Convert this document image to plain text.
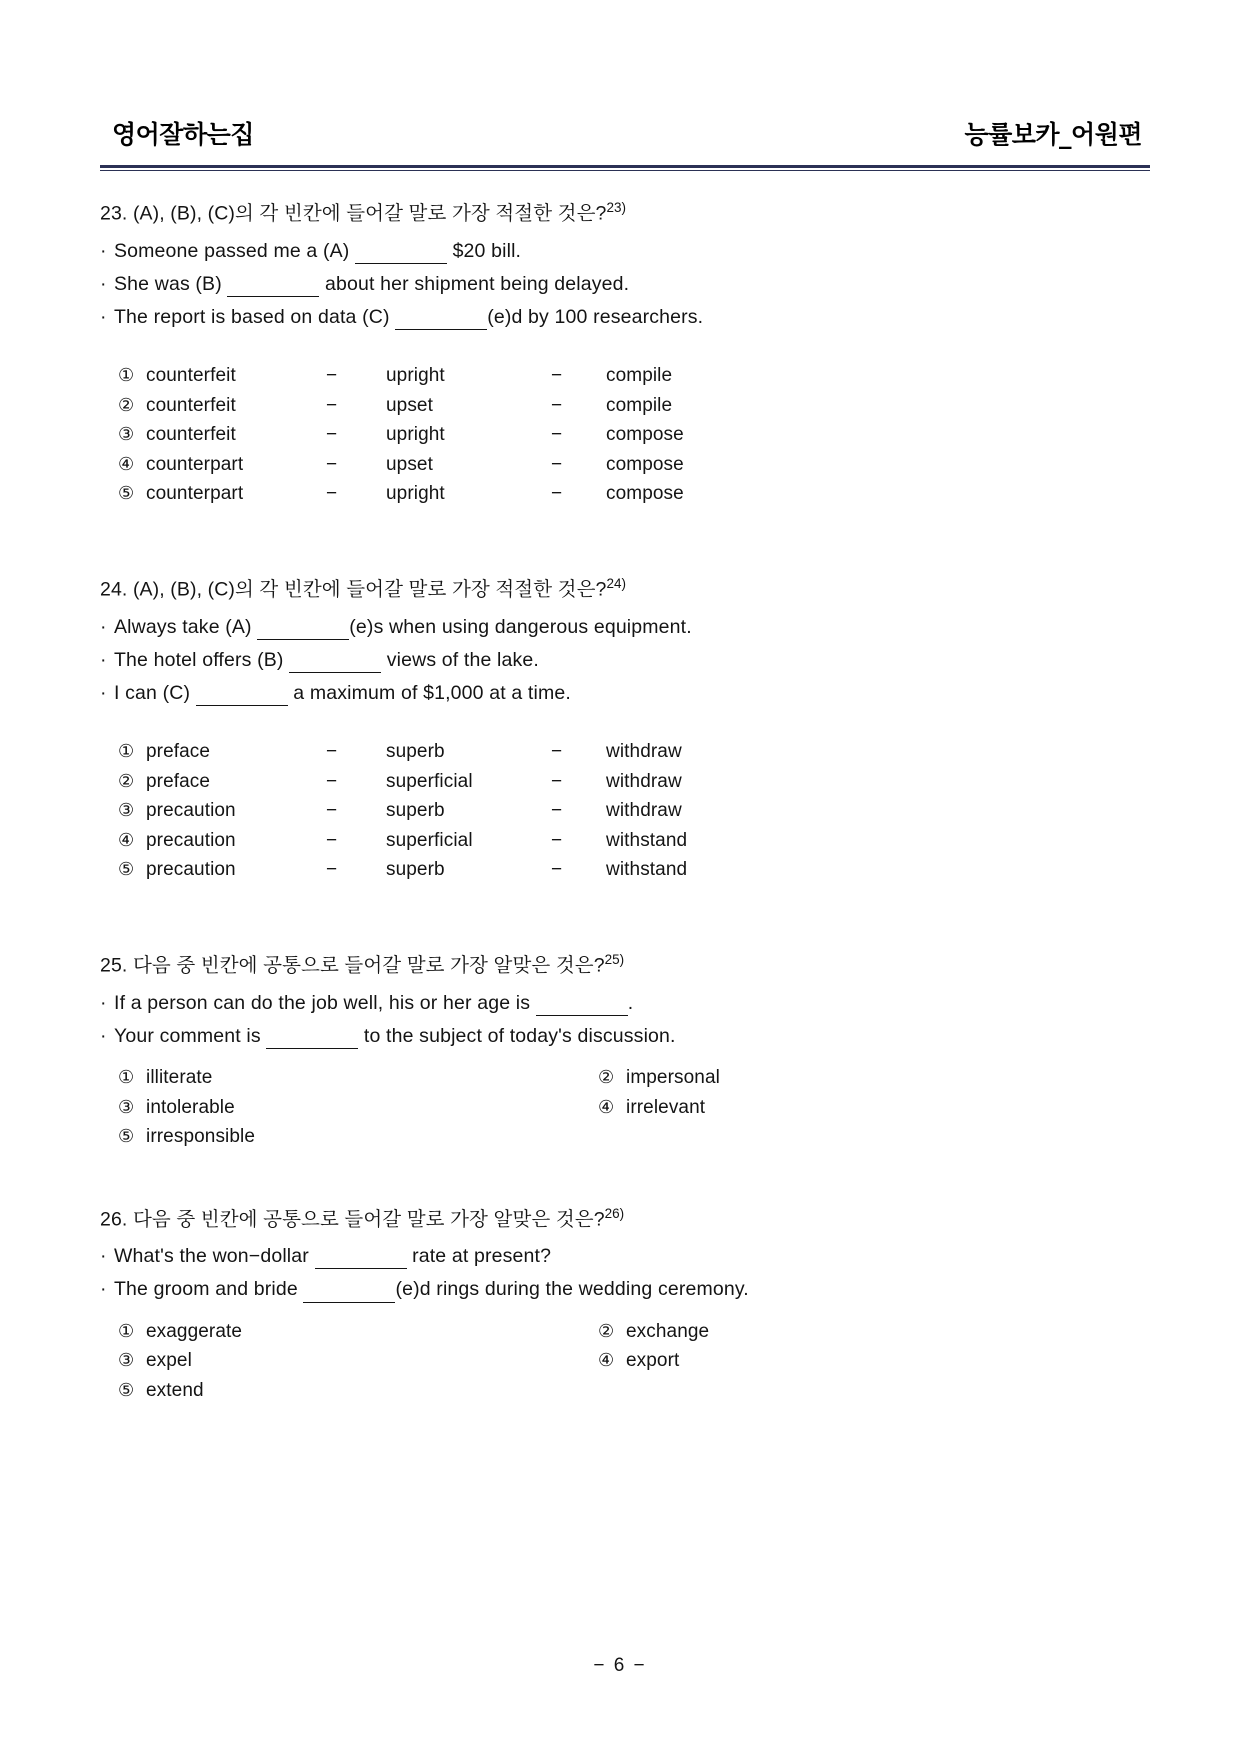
영어잘하는집	능률보카_어원편
23. (A), (B), (C)의 각 빈칸에 들어갈 말로 가장 적절한 것은?$^{23)}$
· Someone passed me a (A)	$20 bill.
· She was (B)	about her shipment being delayed.
· The report is based on data (C)	(e)d by 100 researchers.
① counterfeit	−	upright	−	compile
② counterfeit	−	upset	−	compile
③ counterfeit	−	upright	−	compose
④ counterpart	−	upset	−	compose
⑤ counterpart	−	upright	−	compose
24. (A), (B), (C)의 각 빈칸에 들어갈 말로 가장 적절한 것은?$^{24)}$
· Always take (A)	(e)s when using dangerous equipment.
· The hotel offers (B)	views of the lake.
· I can (C)	a maximum of $1,000 at a time.
① preface	−	superb	−	withdraw
② preface	−	superficial	−	withdraw
③ precaution	−	superb	−	withdraw
④ precaution	−	superficial	−	withstand
⑤ precaution	−	superb	−	withstand
25. 다음 중 빈칸에 공통으로 들어갈 말로 가장 알맞은 것은?$^{25)}$
· If a person can do the job well, his or her age is	.
· Your comment is	to the subject of today's discussion.
① illiterate	② impersonal
③ intolerable	④ irrelevant
⑤ irresponsible
26. 다음 중 빈칸에 공통으로 들어갈 말로 가장 알맞은 것은?$^{26)}$
· What's the won−dollar	rate at present?
· The groom and bride	(e)d rings during the wedding ceremony.
① exaggerate	② exchange
③ expel	④ export
⑤ extend
− 6 −
